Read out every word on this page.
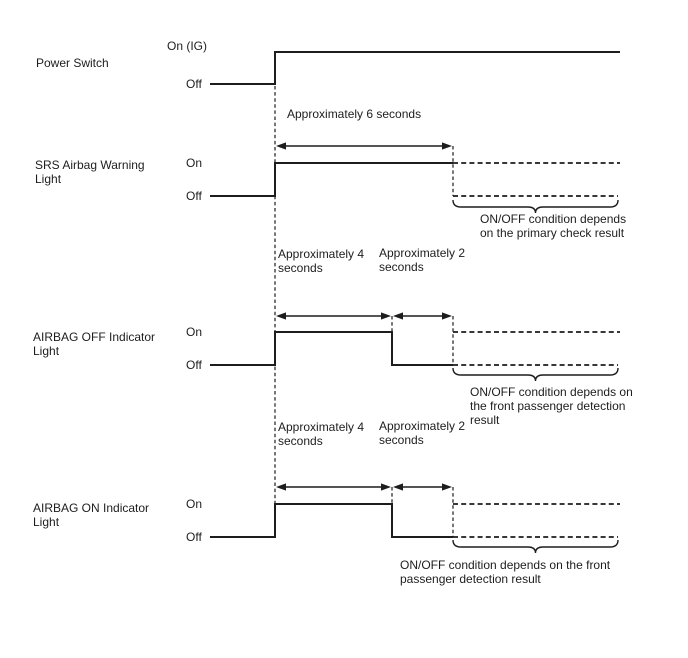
Power Switch
SRS Airbag Warning
Light
AIRBAG OFF Indicator
Light
AIRBAG ON Indicator
Light
On (IG)
Off
On
Off
On
Off
On
Off
Approximately 6 seconds
Approximately 4
seconds
Approximately 2
seconds
Approximately 4
seconds
Approximately 2
seconds
ON/OFF condition depends
on the primary check result
ON/OFF condition depends on
the front passenger detection
result
ON/OFF condition depends on the front
passenger detection result
